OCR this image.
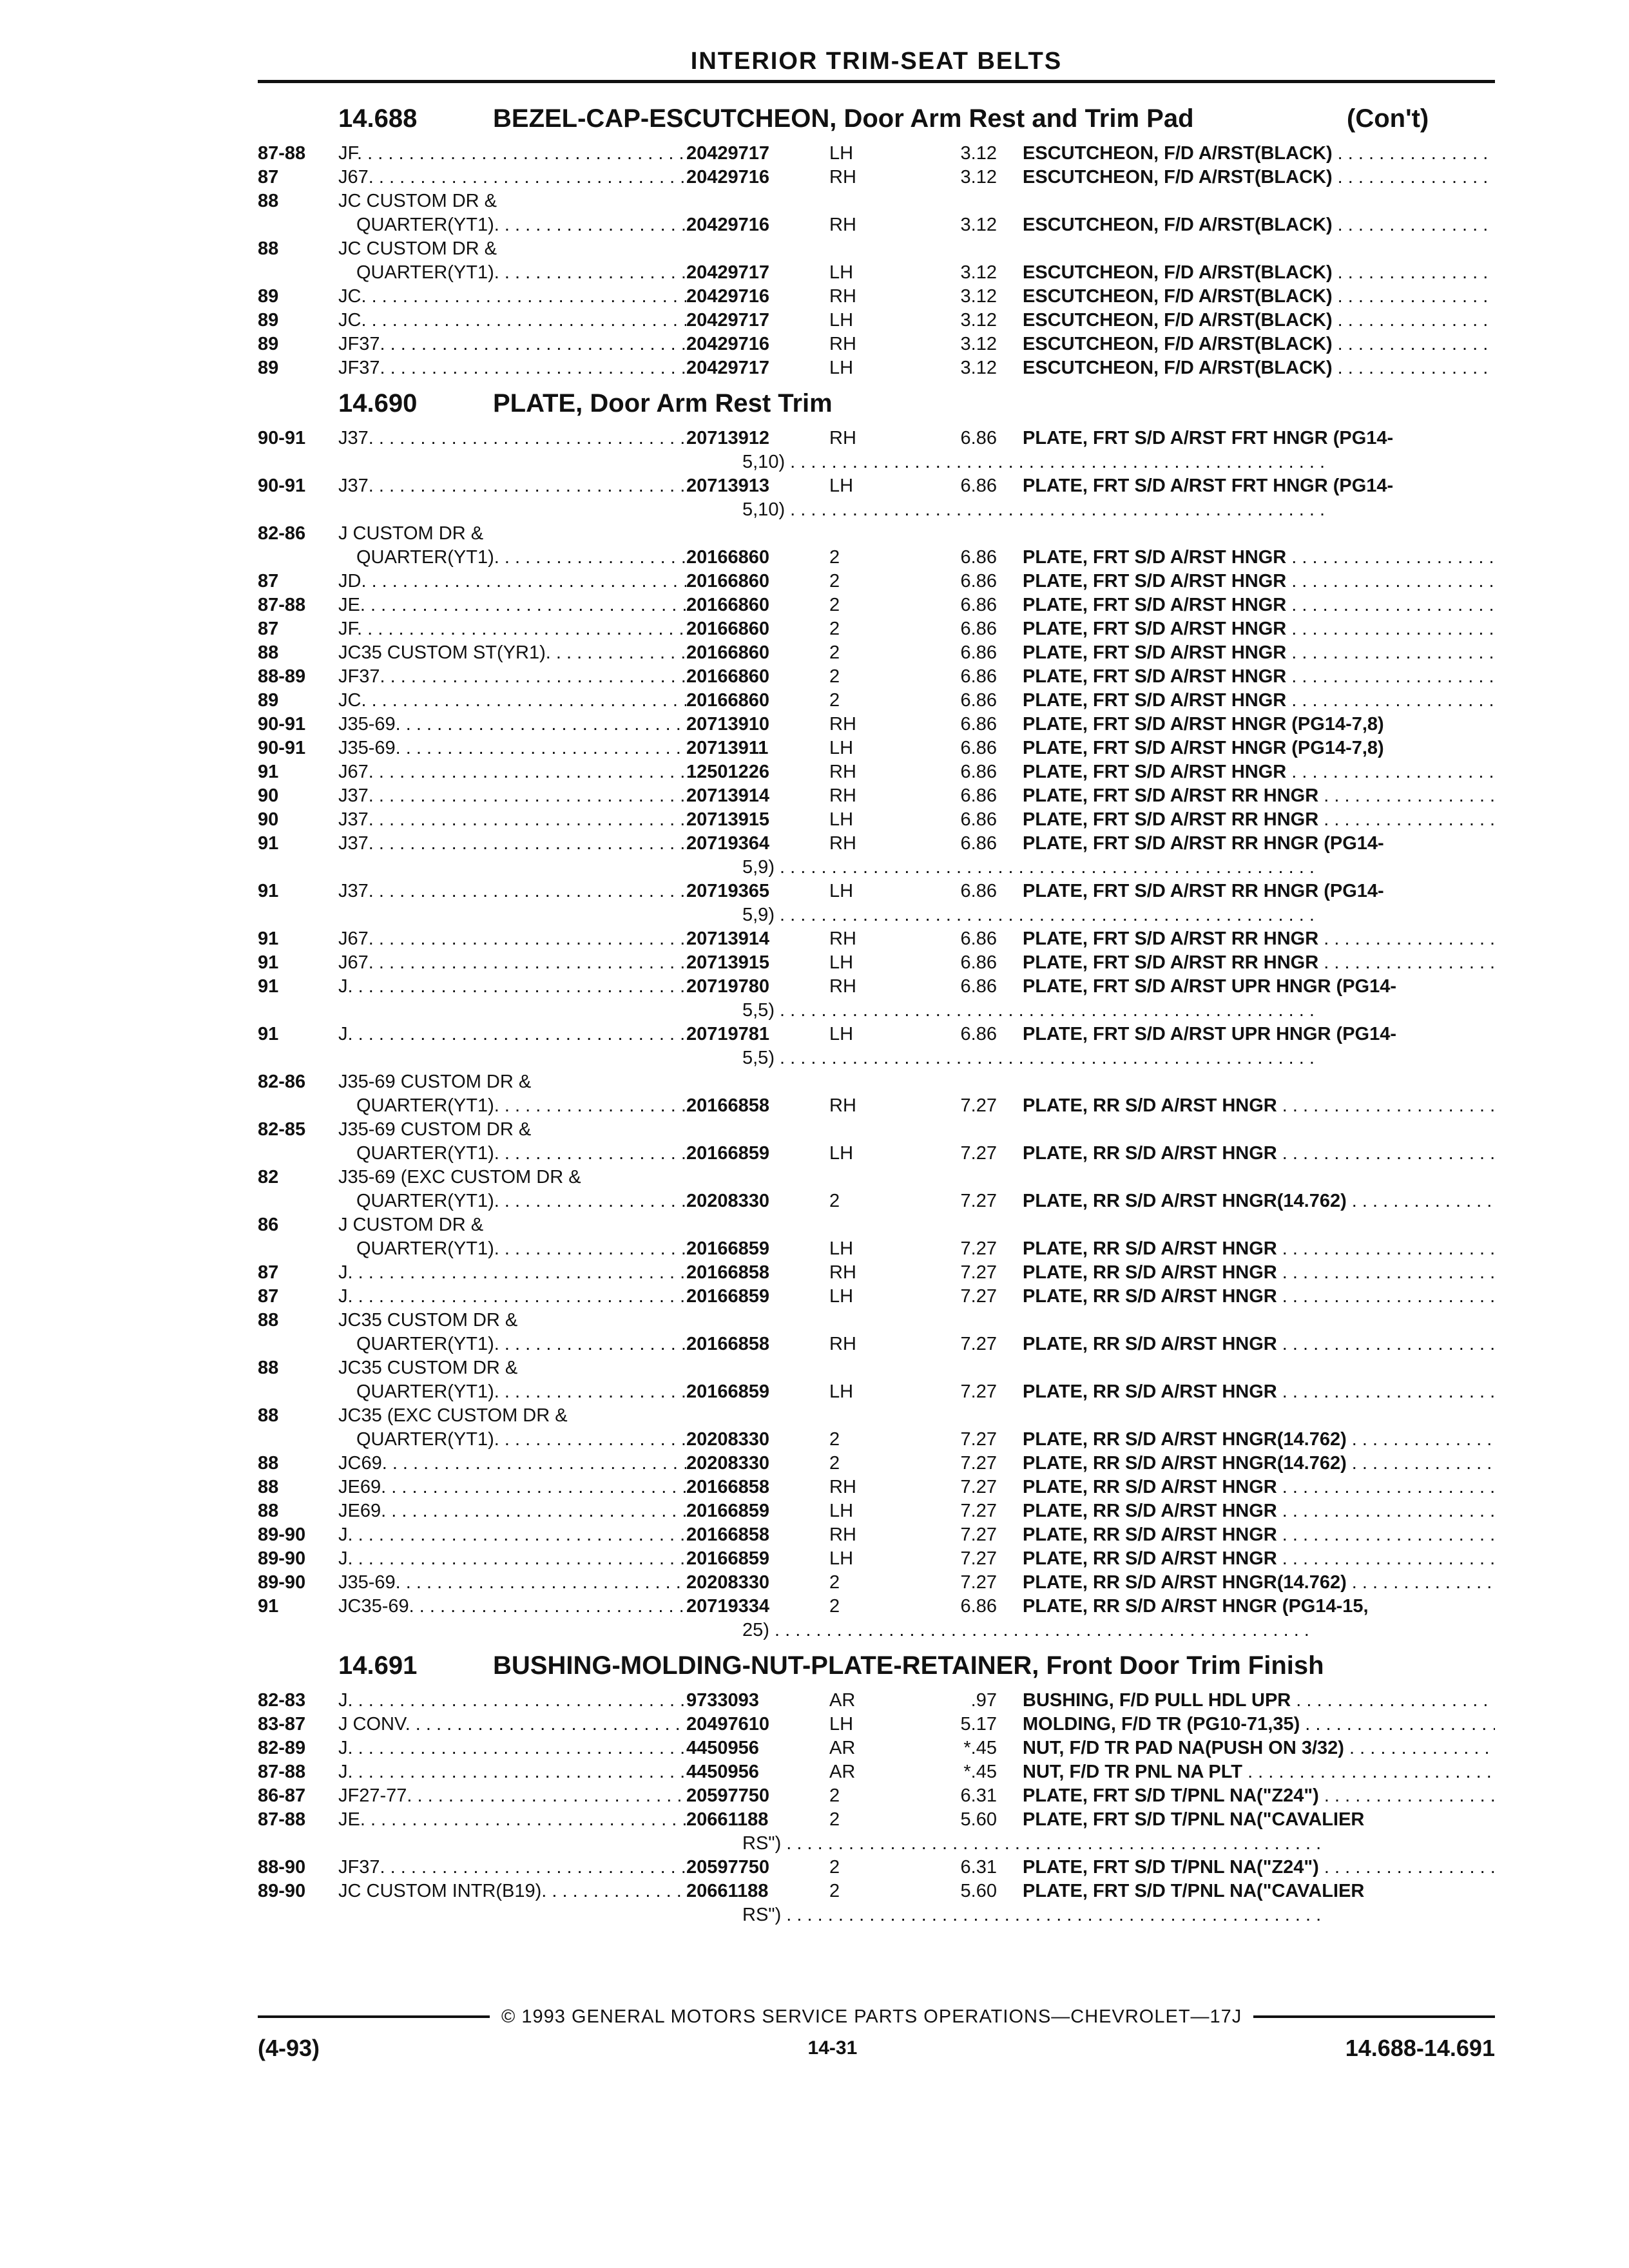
INTERIOR TRIM-SEAT BELTS
14.688	BEZEL-CAP-ESCUTCHEON, Door Arm Rest and Trim Pad	(Con't)
87-88	JF . . .	20429717	LH	3.12	ESCUTCHEON, F/D A/RST(BLACK) . . .
87	J67 . . .	20429716	RH	3.12	ESCUTCHEON, F/D A/RST(BLACK) . . .
88	JC CUSTOM DR &
QUARTER(YT1) . . .	20429716	RH	3.12	ESCUTCHEON, F/D A/RST(BLACK) . . .
88	JC CUSTOM DR &
QUARTER(YT1) . . .	20429717	LH	3.12	ESCUTCHEON, F/D A/RST(BLACK) . . .
89	JC . . .	20429716	RH	3.12	ESCUTCHEON, F/D A/RST(BLACK) . . .
89	JC . . .	20429717	LH	3.12	ESCUTCHEON, F/D A/RST(BLACK) . . .
89	JF37 . . .	20429716	RH	3.12	ESCUTCHEON, F/D A/RST(BLACK) . . .
89	JF37 . . .	20429717	LH	3.12	ESCUTCHEON, F/D A/RST(BLACK) . . .
14.690	PLATE, Door Arm Rest Trim
90-91	J37 . . .	20713912	RH	6.86	PLATE, FRT S/D A/RST FRT HNGR (PG14-
5,10) . . .
90-91	J37 . . .	20713913	LH	6.86	PLATE, FRT S/D A/RST FRT HNGR (PG14-
5,10) . . .
82-86	J CUSTOM DR &
QUARTER(YT1) . . .	20166860	2	6.86	PLATE, FRT S/D A/RST HNGR . . .
87	JD . . .	20166860	2	6.86	PLATE, FRT S/D A/RST HNGR . . .
87-88	JE . . .	20166860	2	6.86	PLATE, FRT S/D A/RST HNGR . . .
87	JF . . .	20166860	2	6.86	PLATE, FRT S/D A/RST HNGR . . .
88	JC35 CUSTOM ST(YR1) . . .	20166860	2	6.86	PLATE, FRT S/D A/RST HNGR . . .
88-89	JF37 . . .	20166860	2	6.86	PLATE, FRT S/D A/RST HNGR . . .
89	JC . . .	20166860	2	6.86	PLATE, FRT S/D A/RST HNGR . . .
90-91	J35-69 . . .	20713910	RH	6.86	PLATE, FRT S/D A/RST HNGR (PG14-7,8)
90-91	J35-69 . . .	20713911	LH	6.86	PLATE, FRT S/D A/RST HNGR (PG14-7,8)
91	J67 . . .	12501226	RH	6.86	PLATE, FRT S/D A/RST HNGR . . .
90	J37 . . .	20713914	RH	6.86	PLATE, FRT S/D A/RST RR HNGR . . .
90	J37 . . .	20713915	LH	6.86	PLATE, FRT S/D A/RST RR HNGR . . .
91	J37 . . .	20719364	RH	6.86	PLATE, FRT S/D A/RST RR HNGR (PG14-
5,9) . . .
91	J37 . . .	20719365	LH	6.86	PLATE, FRT S/D A/RST RR HNGR (PG14-
5,9) . . .
91	J67 . . .	20713914	RH	6.86	PLATE, FRT S/D A/RST RR HNGR . . .
91	J67 . . .	20713915	LH	6.86	PLATE, FRT S/D A/RST RR HNGR . . .
91	J . . .	20719780	RH	6.86	PLATE, FRT S/D A/RST UPR HNGR (PG14-
5,5) . . .
91	J . . .	20719781	LH	6.86	PLATE, FRT S/D A/RST UPR HNGR (PG14-
5,5) . . .
82-86	J35-69 CUSTOM DR &
QUARTER(YT1) . . .	20166858	RH	7.27	PLATE, RR S/D A/RST HNGR . . .
82-85	J35-69 CUSTOM DR &
QUARTER(YT1) . . .	20166859	LH	7.27	PLATE, RR S/D A/RST HNGR . . .
82	J35-69 (EXC CUSTOM DR &
QUARTER(YT1) . . .	20208330	2	7.27	PLATE, RR S/D A/RST HNGR(14.762) . . .
86	J CUSTOM DR &
QUARTER(YT1) . . .	20166859	LH	7.27	PLATE, RR S/D A/RST HNGR . . .
87	J . . .	20166858	RH	7.27	PLATE, RR S/D A/RST HNGR . . .
87	J . . .	20166859	LH	7.27	PLATE, RR S/D A/RST HNGR . . .
88	JC35 CUSTOM DR &
QUARTER(YT1) . . .	20166858	RH	7.27	PLATE, RR S/D A/RST HNGR . . .
88	JC35 CUSTOM DR &
QUARTER(YT1) . . .	20166859	LH	7.27	PLATE, RR S/D A/RST HNGR . . .
88	JC35 (EXC CUSTOM DR &
QUARTER(YT1) . . .	20208330	2	7.27	PLATE, RR S/D A/RST HNGR(14.762) . . .
88	JC69 . . .	20208330	2	7.27	PLATE, RR S/D A/RST HNGR(14.762) . . .
88	JE69 . . .	20166858	RH	7.27	PLATE, RR S/D A/RST HNGR . . .
88	JE69 . . .	20166859	LH	7.27	PLATE, RR S/D A/RST HNGR . . .
89-90	J . . .	20166858	RH	7.27	PLATE, RR S/D A/RST HNGR . . .
89-90	J . . .	20166859	LH	7.27	PLATE, RR S/D A/RST HNGR . . .
89-90	J35-69 . . .	20208330	2	7.27	PLATE, RR S/D A/RST HNGR(14.762) . . .
91	JC35-69 . . .	20719334	2	6.86	PLATE, RR S/D A/RST HNGR (PG14-15,
25) . . .
14.691	BUSHING-MOLDING-NUT-PLATE-RETAINER, Front Door Trim Finish
82-83	J . . .	9733093	AR	.97	BUSHING, F/D PULL HDL UPR . . .
83-87	J CONV . . .	20497610	LH	5.17	MOLDING, F/D TR (PG10-71,35) . . .
82-89	J . . .	4450956	AR	*.45	NUT, F/D TR PAD NA(PUSH ON 3/32) . . .
87-88	J . . .	4450956	AR	*.45	NUT, F/D TR PNL NA PLT . . .
86-87	JF27-77 . . .	20597750	2	6.31	PLATE, FRT S/D T/PNL NA("Z24") . . .
87-88	JE . . .	20661188	2	5.60	PLATE, FRT S/D T/PNL NA("CAVALIER
RS") . . .
88-90	JF37 . . .	20597750	2	6.31	PLATE, FRT S/D T/PNL NA("Z24") . . .
89-90	JC CUSTOM INTR(B19) . . .	20661188	2	5.60	PLATE, FRT S/D T/PNL NA("CAVALIER
RS") . . .
© 1993 GENERAL MOTORS SERVICE PARTS OPERATIONS—CHEVROLET—17J
(4-93)	14-31	14.688-14.691
